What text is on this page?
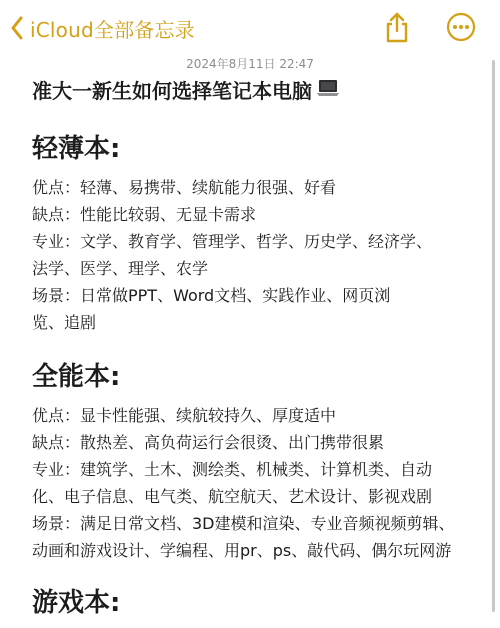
iCloud全部备忘录
2024年8月11日 22:47
准大一新生如何选择笔记本电脑
轻薄本:

优点：轻薄、易携带、续航能力很强、好看

缺点：性能比较弱、无显卡需求

专业：文学、教育学、管理学、哲学、历史学、经济学、

法学、医学、理学、农学

场景：日常做PPT、Word文档、实践作业、网页浏

览、追剧

全能本:

优点：显卡性能强、续航较持久、厚度适中

缺点：散热差、高负荷运行会很烫、出门携带很累

专业：建筑学、土木、测绘类、机械类、计算机类、自动

化、电子信息、电气类、航空航天、艺术设计、影视戏剧

场景：满足日常文档、3D建模和渲染、专业音频视频剪辑、

动画和游戏设计、学编程、用pr、ps、敲代码、偶尔玩网游

游戏本:
